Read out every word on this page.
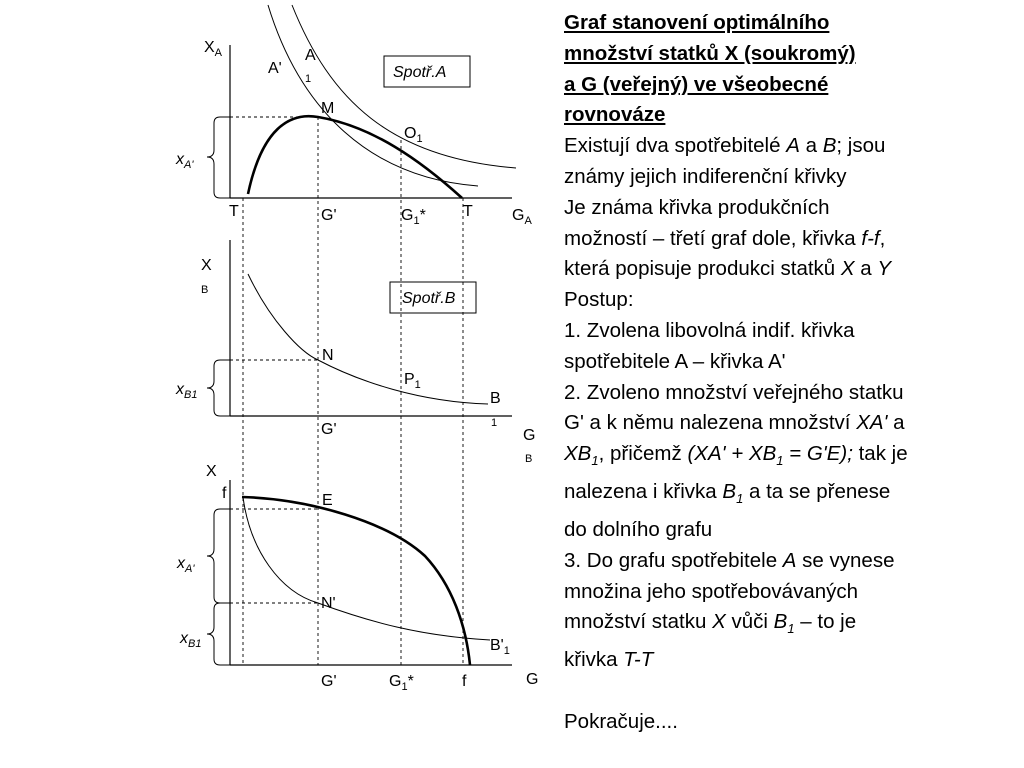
$X_A$
A'
A
1	Spotř.A
M
$O_1$
$x_{A'}$
T	G'	$G_1*$ T $G_A$
X
B	Spotř.B
N
$P_1$
$x_{B1}$	B
1
G'	G
B
X
f	E
$x_{A'}$
N'
$x_{B1}$	$B'_1$
G'	$G_1*$	f	G
Graf stanovení optimálního
množství statků X (soukromý)
a G (veřejný) ve všeobecné
rovnováze
Existují dva spotřebitelé A a B; jsou
známy jejich indiferenční křivky
Je známa křivka produkčních
možností – třetí graf dole, křivka f-f,
která popisuje produkci statků X a Y
Postup:
1. Zvolena libovolná indif. křivka
spotřebitele A – křivka A'
2. Zvoleno množství veřejného statku
G' a k němu nalezena množství XA' a
$XB_1$, přičemž $(XA' + XB_1 = G'E)$; tak je
nalezena i křivka $B_1$ a ta se přenese
do dolního grafu
3. Do grafu spotřebitele A se vynese
množina jeho spotřebovávaných
množství statku X vůči $B_1$ – to je
křivka T-T
Pokračuje....
